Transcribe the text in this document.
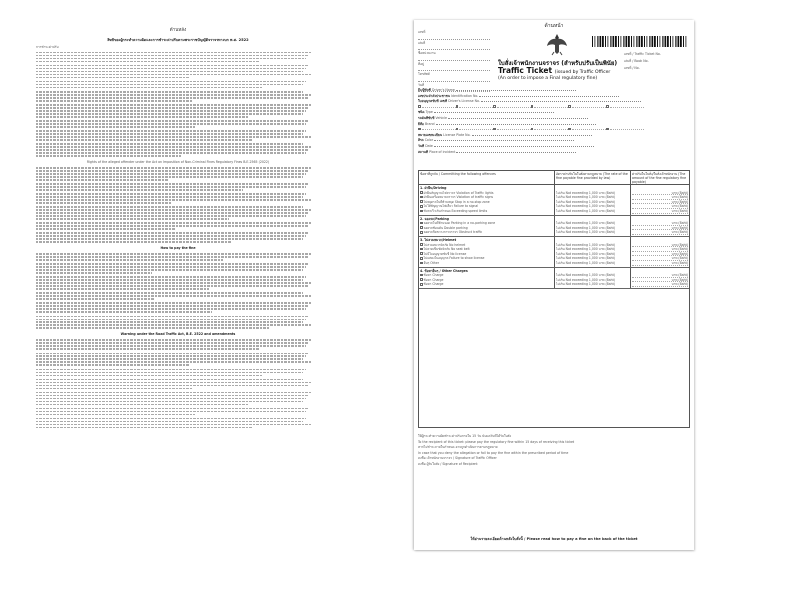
ด้านหลัง
สิทธิของผู้กระทำความผิดและการชำระค่าปรับตามพระราชบัญญัติจราจรทางบก พ.ศ. 2522
การชำระค่าปรับ
Rights of the alleged offender under the Act on Imposition of Non-Criminal Fines Regulatory Fines B.E.2565 (2022)
How to pay the fine
Warning under the Road Traffic Act, B.E. 2522 and amendments
ด้านหน้า
เลขที่
เล่มที่
ชื่อหน่วยงาน
ที่อยู่
โทรศัพท์
วันที่
ใบสั่งเจ้าพนักงานจราจร (สำหรับปรับเป็นพินัย)
Traffic Ticket (issued by Traffic Officer
(An order to impose a Final regulatory fine)
เลขที่ / Traffic Ticket No.
เล่มที่ / Book No.
เลขที่ / No.
ถึง/ผู้ขับขี่ Driver's Name
เลขประจำตัวประชาชน Identification No.
ใบอนุญาตขับขี่ เลขที่ Driver's License No.
ชนิด Type
รถคันที่ขับขี่ Vehicle
ยี่ห้อ Brand
หมายเลขทะเบียน License Plate No.
สีรถ Color
วันที่ Date
สถานที่ Place of incident
ข้อหาที่ถูกจับ / Committing the following offences	อัตราค่าปรับในใบสั่งตามกฎหมาย (The rate of the fine payable fine provided by law)
ค่าปรับในใบสั่ง/ใบสั่งเจ้าพนักงาน (The amount of the fine regulatory fine payable)
1. ฝ่าฝืน/Driving
ฝ่าฝืนสัญญาณไฟจราจร Violation of Traffic lights
ฝ่าฝืนเครื่องหมายจราจร Violation of traffic signs
ไม่หยุดรถในที่ห้ามหยุด Stop in a no-stop zone
ไม่ให้สัญญาณไฟเลี้ยว Failure to signal
ขับรถเร็วเกินกำหนด Exceeding speed limits
ไม่เกิน Not exceeding 1,000 บาท (Baht)
ไม่เกิน Not exceeding 1,000 บาท (Baht)
ไม่เกิน Not exceeding 1,000 บาท (Baht)
ไม่เกิน Not exceeding 1,000 บาท (Baht)
ไม่เกิน Not exceeding 1,000 บาท (Baht)
บาท (Baht)
บาท (Baht)
บาท (Baht)
บาท (Baht)
บาท (Baht)
2. จอดรถ/Parking
จอดรถในที่ห้ามจอด Parking in a no-parking zone
จอดรถซ้อนคัน Double parking
จอดรถกีดขวางการจราจร Obstruct traffic
ไม่เกิน Not exceeding 1,000 บาท (Baht)
ไม่เกิน Not exceeding 1,000 บาท (Baht)
ไม่เกิน Not exceeding 1,000 บาท (Baht)
บาท (Baht)
บาท (Baht)
บาท (Baht)
3. ไม่สวมหมวก/Helmet
ไม่สวมหมวกนิรภัย No helmet
ไม่คาดเข็มขัดนิรภัย No seat belt
ไม่มีใบอนุญาตขับขี่ No license
ไม่แสดงใบอนุญาต Failure to show license
อื่นๆ Other
ไม่เกิน Not exceeding 1,000 บาท (Baht)
ไม่เกิน Not exceeding 1,000 บาท (Baht)
ไม่เกิน Not exceeding 1,000 บาท (Baht)
ไม่เกิน Not exceeding 1,000 บาท (Baht)
ไม่เกิน Not exceeding 1,000 บาท (Baht)
บาท (Baht)
บาท (Baht)
บาท (Baht)
บาท (Baht)
บาท (Baht)
4. ข้อหาอื่นๆ / Other Charges
ข้อหา Charge
ข้อหา Charge
ข้อหา Charge
ไม่เกิน Not exceeding 1,000 บาท (Baht)
ไม่เกิน Not exceeding 1,000 บาท (Baht)
ไม่เกิน Not exceeding 1,000 บาท (Baht)
บาท (Baht)
บาท (Baht)
บาท (Baht)
ให้ผู้กระทำความผิดชำระค่าปรับภายใน 15 วัน นับแต่วันที่ได้รับใบสั่ง
To the recipient of this ticket: please pay the regulatory fine within 15 days of receiving this ticket
หากไม่ชำระภายในกำหนด อาจถูกดำเนินการตามกฎหมาย
In case that you deny the allegation or fail to pay the fine within the prescribed period of time
ลงชื่อ เจ้าพนักงานจราจร / Signature of Traffic Officer
ลงชื่อ ผู้รับใบสั่ง / Signature of Recipient
ให้อ่านรายละเอียดด้านหลังใบสั่งนี้ / Please read how to pay a fine on the back of the ticket
